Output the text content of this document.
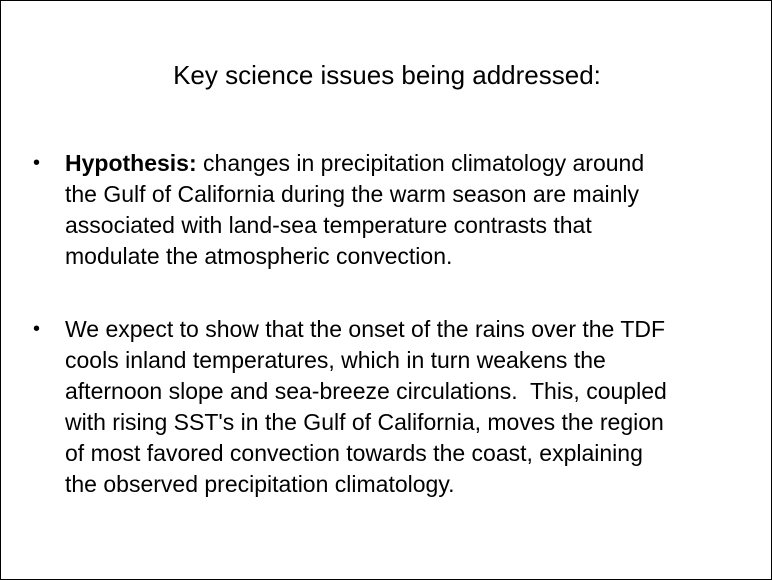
Key science issues being addressed:
• Hypothesis: changes in precipitation climatology around
the Gulf of California during the warm season are mainly
associated with land-sea temperature contrasts that
modulate the atmospheric convection.
• We expect to show that the onset of the rains over the TDF
cools inland temperatures, which in turn weakens the
afternoon slope and sea-breeze circulations.  This, coupled
with rising SST's in the Gulf of California, moves the region
of most favored convection towards the coast, explaining
the observed precipitation climatology.
